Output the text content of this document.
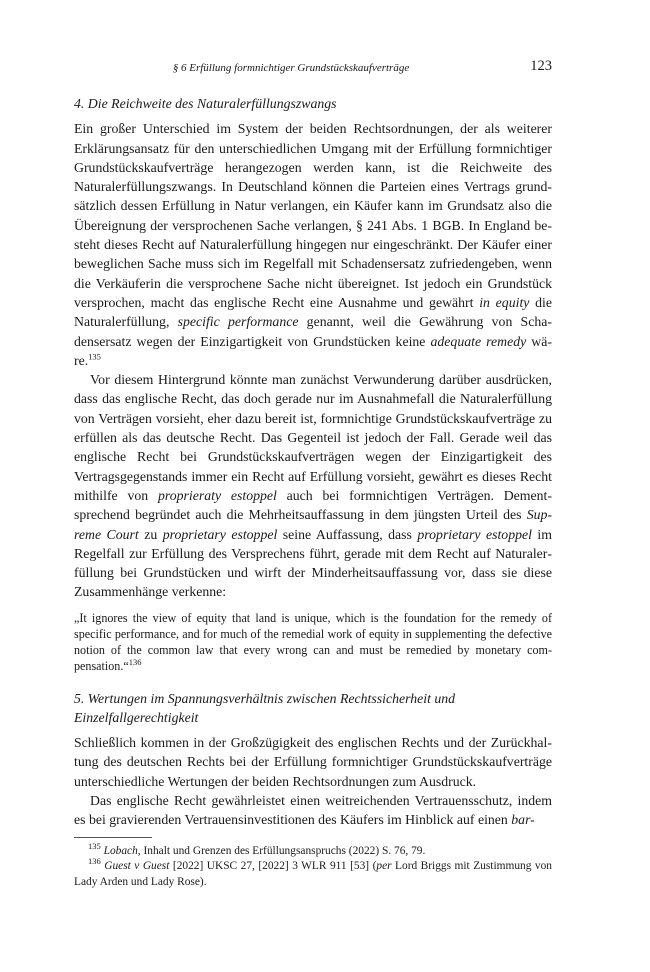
§ 6 Erfüllung formnichtiger Grundstückskaufverträge	123
4. Die Reichweite des Naturalerfüllungszwangs

Ein großer Unterschied im System der beiden Rechtsordnungen, der als weiterer Erklärungsansatz für den unterschiedlichen Umgang mit der Erfüllung formnichtiger Grundstückskaufverträge herangezogen werden kann, ist die Reichweite des Naturalerfüllungszwangs. In Deutschland können die Parteien eines Vertrags grundsätzlich dessen Erfüllung in Natur verlangen, ein Käufer kann im Grundsatz also die Übereignung der versprochenen Sache verlangen, § 241 Abs. 1 BGB. In England besteht dieses Recht auf Naturalerfüllung hingegen nur eingeschränkt. Der Käufer einer beweglichen Sache muss sich im Regelfall mit Schadensersatz zufriedengeben, wenn die Verkäuferin die versprochene Sache nicht übereignet. Ist jedoch ein Grundstück versprochen, macht das englische Recht eine Ausnahme und gewährt in equity die Naturalerfüllung, specific performance genannt, weil die Gewährung von Schadensersatz wegen der Einzigartigkeit von Grundstücken keine adequate remedy wäre.$^{135}$

Vor diesem Hintergrund könnte man zunächst Verwunderung darüber ausdrücken, dass das englische Recht, das doch gerade nur im Ausnahmefall die Naturalerfüllung von Verträgen vorsieht, eher dazu bereit ist, formnichtige Grundstückskaufverträge zu erfüllen als das deutsche Recht. Das Gegenteil ist jedoch der Fall. Gerade weil das englische Recht bei Grundstückskaufverträgen wegen der Einzigartigkeit des Vertragsgegenstands immer ein Recht auf Erfüllung vorsieht, gewährt es dieses Recht mithilfe von proprieraty estoppel auch bei formnichtigen Verträgen. Dementsprechend begründet auch die Mehrheitsauffassung in dem jüngsten Urteil des Supreme Court zu proprietary estoppel seine Auffassung, dass proprietary estoppel im Regelfall zur Erfüllung des Versprechens führt, gerade mit dem Recht auf Naturalerfüllung bei Grundstücken und wirft der Minderheitsauffassung vor, dass sie diese Zusammenhänge verkenne:

„It ignores the view of equity that land is unique, which is the foundation for the remedy of specific performance, and for much of the remedial work of equity in supplementing the defective notion of the common law that every wrong can and must be remedied by monetary compensation.“$^{136}$

5. Wertungen im Spannungsverhältnis zwischen Rechtssicherheit und Einzelfallgerechtigkeit

Schließlich kommen in der Großzügigkeit des englischen Rechts und der Zurückhaltung des deutschen Rechts bei der Erfüllung formnichtiger Grundstückskaufverträge unterschiedliche Wertungen der beiden Rechtsordnungen zum Ausdruck.

Das englische Recht gewährleistet einen weitreichenden Vertrauensschutz, indem es bei gravierenden Vertrauensinvestitionen des Käufers im Hinblick auf einen bar-

$^{135}$ Lobach, Inhalt und Grenzen des Erfüllungsanspruchs (2022) S. 76, 79.

$^{136}$ Guest v Guest [2022] UKSC 27, [2022] 3 WLR 911 [53] (per Lord Briggs mit Zustimmung von Lady Arden und Lady Rose).
